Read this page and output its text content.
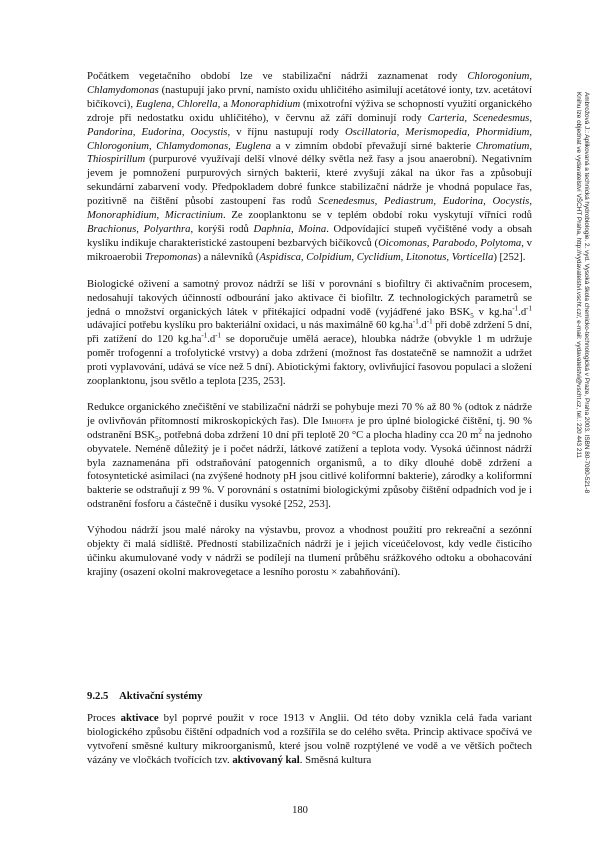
Počátkem vegetačního období lze ve stabilizační nádrži zaznamenat rody Chlorogonium, Chlamydomonas (nastupují jako první, namísto oxidu uhličitého asimilují acetátové ionty, tzv. acetátoví bičíkovci), Euglena, Chlorella, a Monoraphidium (mixotrofní výživa se schopností využití organického zdroje při nedostatku oxidu uhličitého), v červnu až září dominují rody Carteria, Scenedesmus, Pandorina, Eudorina, Oocystis, v říjnu nastupují rody Oscillatoria, Merismopedia, Phormidium, Chlorogonium, Chlamydomonas, Euglena a v zimním období převažují sirné bakterie Chromatium, Thiospirillum (purpurové využívají delší vlnové délky světla než řasy a jsou anaerobní). Negativním jevem je pomnožení purpurových sirných bakterií, které zvyšují zákal na úkor řas a způsobují sekundární zabarvení vody. Předpokladem dobré funkce stabilizační nádrže je vhodná populace řas, pozitivně na čištění působí zastoupení řas rodů Scenedesmus, Pediastrum, Eudorina, Oocystis, Monoraphidium, Micractinium. Ze zooplanktonu se v teplém období roku vyskytují vířníci rodů Brachionus, Polyarthra, korýši rodů Daphnia, Moina. Odpovídající stupeň vyčištěné vody a obsah kyslíku indikuje charakteristické zastoupení bezbarvých bičíkovců (Oicomonas, Parabodo, Polytoma, v mikroaerobii Trepomonas) a nálevníků (Aspidisca, Colpidium, Cyclidium, Litonotus, Vorticella) [252].

Biologické oživení a samotný provoz nádrží se liší v porovnání s biofiltry či aktivačním procesem, nedosahují takových účinností odbourání jako aktivace či biofiltr. Z technologických parametrů se jedná o množství organických látek v přitékající odpadní vodě (vyjádřené jako $BSK_5$ v $kg.ha^{-1}.d^{-1}$ udávající potřebu kyslíku pro bakteriální oxidaci, u nás maximálně 60 $kg.ha^{-1}.d^{-1}$ při době zdržení 5 dní, při zatížení do 120 $kg.ha^{-1}.d^{-1}$ se doporučuje umělá aerace), hloubka nádrže (obvykle 1 m udržuje poměr trofogenní a trofolytické vrstvy) a doba zdržení (možnost řas dostatečně se namnožit a udržet proti vyplavování, udává se více než 5 dní). Abiotickými faktory, ovlivňující řasovou populaci a složení zooplanktonu, jsou světlo a teplota [235, 253].

Redukce organického znečištění ve stabilizační nádrži se pohybuje mezi 70 % až 80 % (odtok z nádrže je ovlivňován přítomností mikroskopických řas). Dle Imhoffa je pro úplné biologické čištění, tj. 90 % odstranění $BSK_5$, potřebná doba zdržení 10 dní při teplotě 20 °C a plocha hladiny cca 20 $m^2$ na jednoho obyvatele. Neméně důležitý je i počet nádrží, látkové zatížení a teplota vody. Vysoká účinnost nádrží byla zaznamenána při odstraňování patogenních organismů, a to díky dlouhé době zdržení a fotosyntetické asimilaci (na zvýšené hodnoty pH jsou citlivé koliformní bakterie), zárodky a koliformní bakterie se odstraňují z 99 %. V porovnání s ostatními biologickými způsoby čištění odpadních vod je i odstranění fosforu a částečně i dusíku vysoké [252, 253].

Výhodou nádrží jsou malé nároky na výstavbu, provoz a vhodnost použití pro rekreační a sezónní objekty či malá sídliště. Předností stabilizačních nádrží je i jejich víceúčelovost, kdy vedle čisticího účinku akumulované vody v nádrži se podílejí na tlumení průběhu srážkového odtoku a obohacování krajiny (osazení okolní makrovegetace a lesního porostu × zabahňování).

9.2.5 Aktivační systémy

Proces aktivace byl poprvé použit v roce 1913 v Anglii. Od této doby vznikla celá řada variant biologického způsobu čištění odpadních vod a rozšířila se do celého světa. Princip aktivace spočívá ve vytvoření směsné kultury mikroorganismů, které jsou volně rozptýlené ve vodě a ve větších počtech vázány ve vločkách tvořících tzv. aktivovaný kal. Směsná kultura

180
Ambrožová J.: Aplikovaná a technická hydrobiologie. 2. vyd. Vysoká škola chemicko-technologická v Praze, Praha 2003. ISBN 80-7080-521-8
Knihu lze objednat ve vydavatelství VŠCHT Praha, http://vydavatelstvi.vscht.cz/, e-mail: vydavatelstvi@vscht.cz, tel.: 220 443 211
